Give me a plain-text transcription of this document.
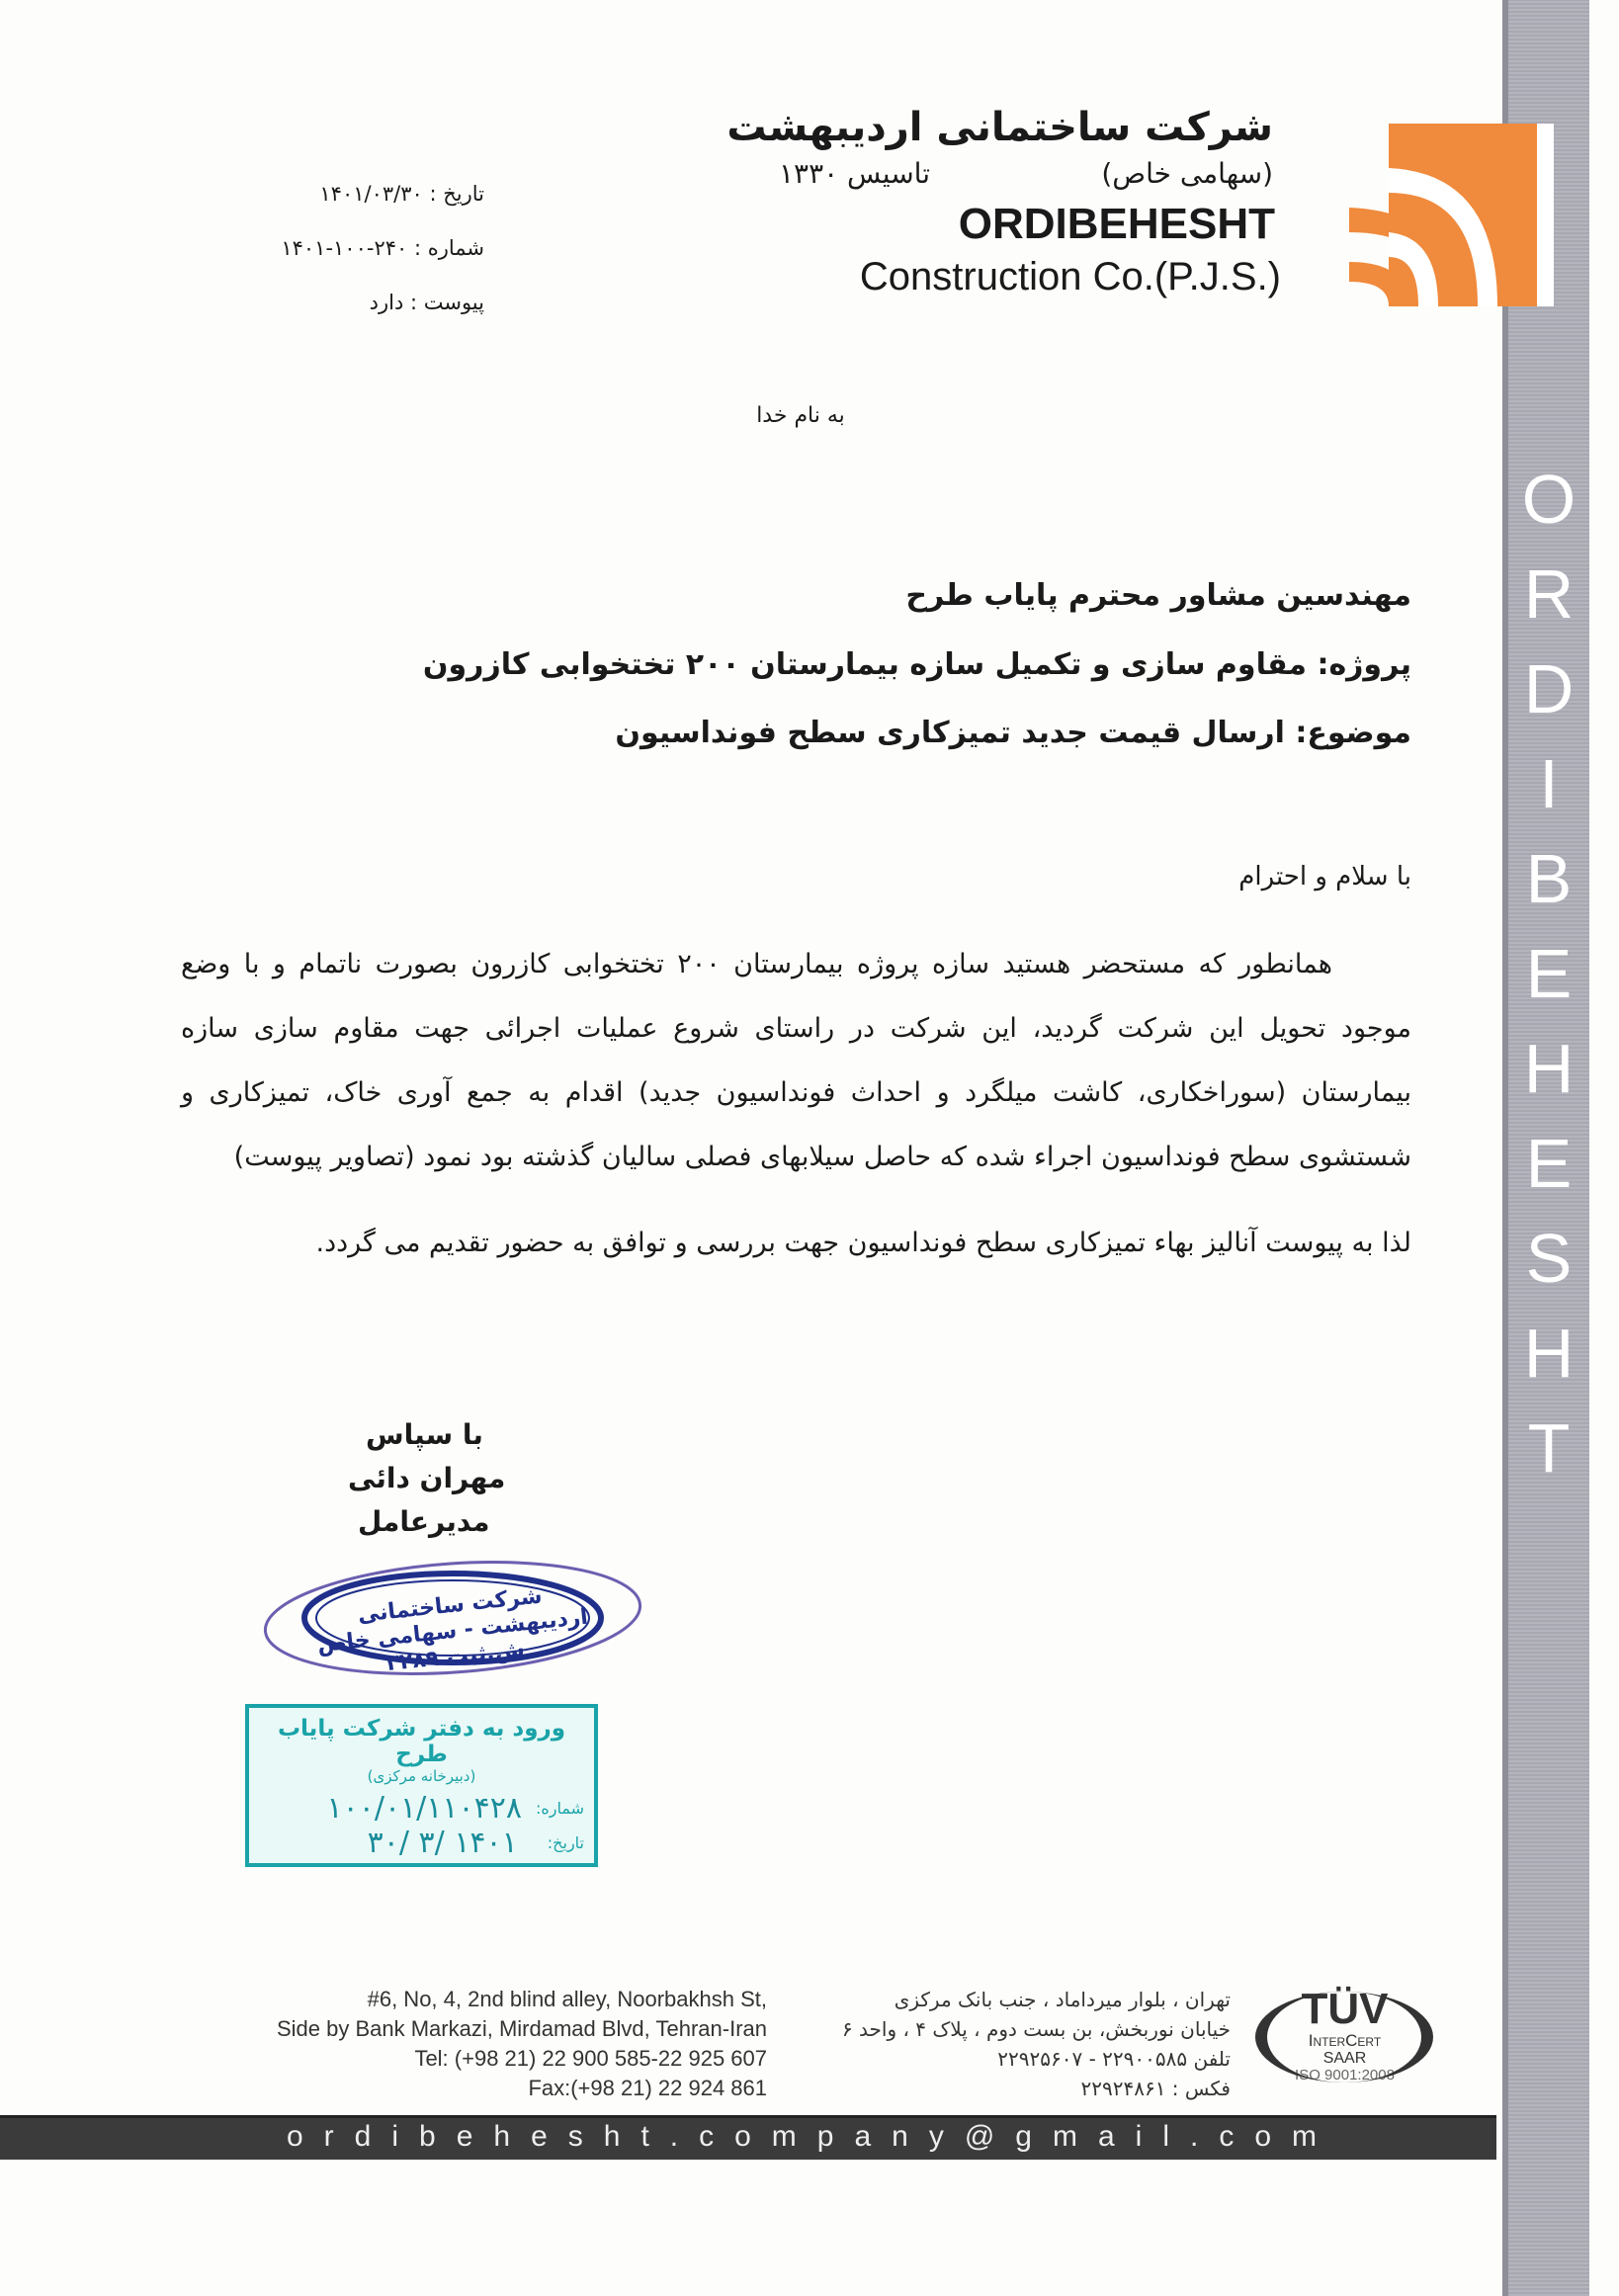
O
R
D
I
B
E
H
E
S
H
T
شرکت ساختمانی اردیبهشت
(سهامی خاص)
تاسیس ۱۳۳۰
ORDIBEHESHT
Construction Co.(P.J.S.)
تاریخ : ۱۴۰۱/۰۳/۳۰
شماره : ۲۴۰-۱۰۰-۱۴۰۱
پیوست : دارد
به نام خدا
مهندسین مشاور محترم پایاب طرح
پروژه: مقاوم سازی و تکمیل سازه بیمارستان ۲۰۰ تختخوابی کازرون
موضوع: ارسال قیمت جدید تمیزکاری سطح فونداسیون
با سلام و احترام
همانطور که مستحضر هستید سازه پروژه بیمارستان ۲۰۰ تختخوابی کازرون بصورت ناتمام و با وضع موجود تحویل این شرکت گردید، این شرکت در راستای شروع عملیات اجرائی جهت مقاوم سازی سازه بیمارستان (سوراخکاری، کاشت میلگرد و احداث فونداسیون جدید) اقدام به جمع آوری خاک، تمیزکاری و شستشوی سطح فونداسیون اجراء شده که حاصل سیلابهای فصلی سالیان گذشته بود نمود (تصاویر پیوست)
لذا به پیوست آنالیز بهاء تمیزکاری سطح فونداسیون جهت بررسی و توافق به حضور تقدیم می گردد.
با سپاس
مهران دائی
مدیرعامل
شرکت ساختمانی اردیبهشت - سهامی خاص ش.ثبت ۳۲۸۹
ورود به دفتر شرکت پایاب طرح
(دبیرخانه مرکزی)
شماره:
۱۰۰/۰۱/۱۱۰۴۲۸
تاریخ:
۱۴۰۱ /۳ /۳۰
#6, No, 4, 2nd blind alley, Noorbakhsh St,
Side by Bank Markazi, Mirdamad Blvd, Tehran-Iran
Tel: (+98 21) 22 900 585-22 925 607
Fax:(+98 21) 22 924 861
تهران ، بلوار میرداماد ، جنب بانک مرکزی
خیابان نوربخش، بن بست دوم ، پلاک ۴ ، واحد ۶
تلفن ۲۲۹۰۰۵۸۵ - ۲۲۹۲۵۶۰۷
فکس : ۲۲۹۲۴۸۶۱
TÜV
InterCert
SAAR
ISO 9001:2008
ordibehesht.company@gmail.com
